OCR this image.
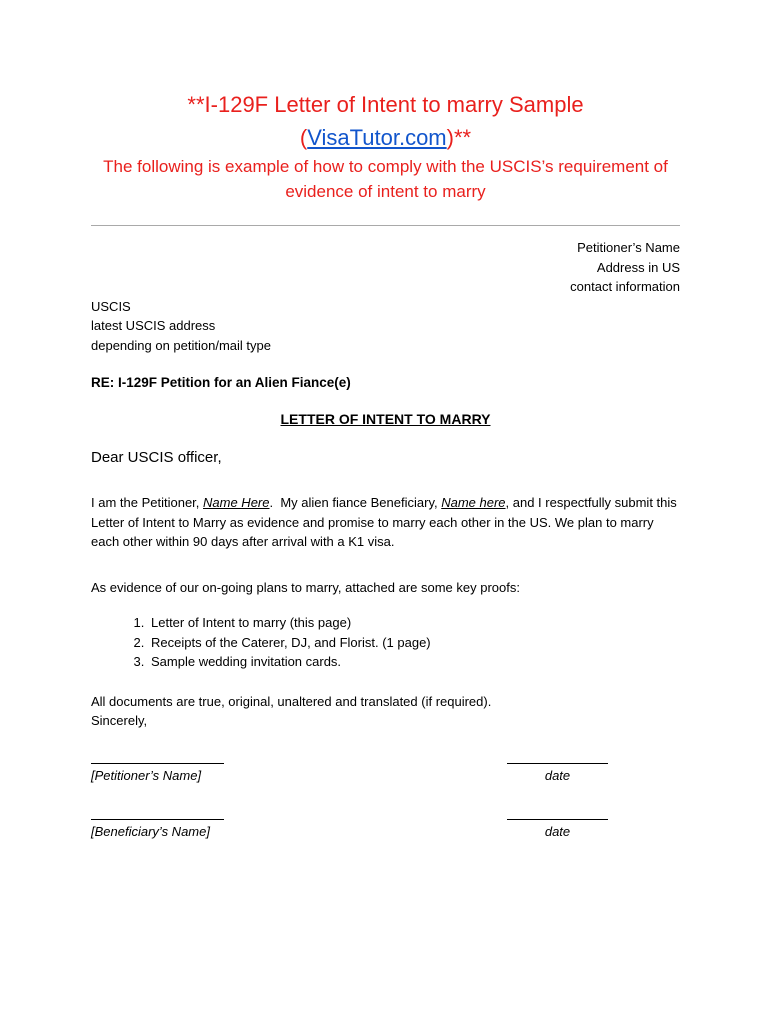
**I-129F Letter of Intent to marry Sample
(VisaTutor.com)**
The following is example of how to comply with the USCIS’s requirement of
evidence of intent to marry
Petitioner’s Name
Address in US
contact information
USCIS
latest USCIS address
depending on petition/mail type
RE: I-129F Petition for an Alien Fiance(e)
LETTER OF INTENT TO MARRY
Dear USCIS officer,
I am the Petitioner, Name Here.  My alien fiance Beneficiary, Name here, and I respectfully submit this Letter of Intent to Marry as evidence and promise to marry each other in the US. We plan to marry each other within 90 days after arrival with a K1 visa.
As evidence of our on-going plans to marry, attached are some key proofs:
1. Letter of Intent to marry (this page)
2. Receipts of the Caterer, DJ, and Florist. (1 page)
3. Sample wedding invitation cards.
All documents are true, original, unaltered and translated (if required).
Sincerely,
[Petitioner’s Name]	date
[Beneficiary’s Name]	date
